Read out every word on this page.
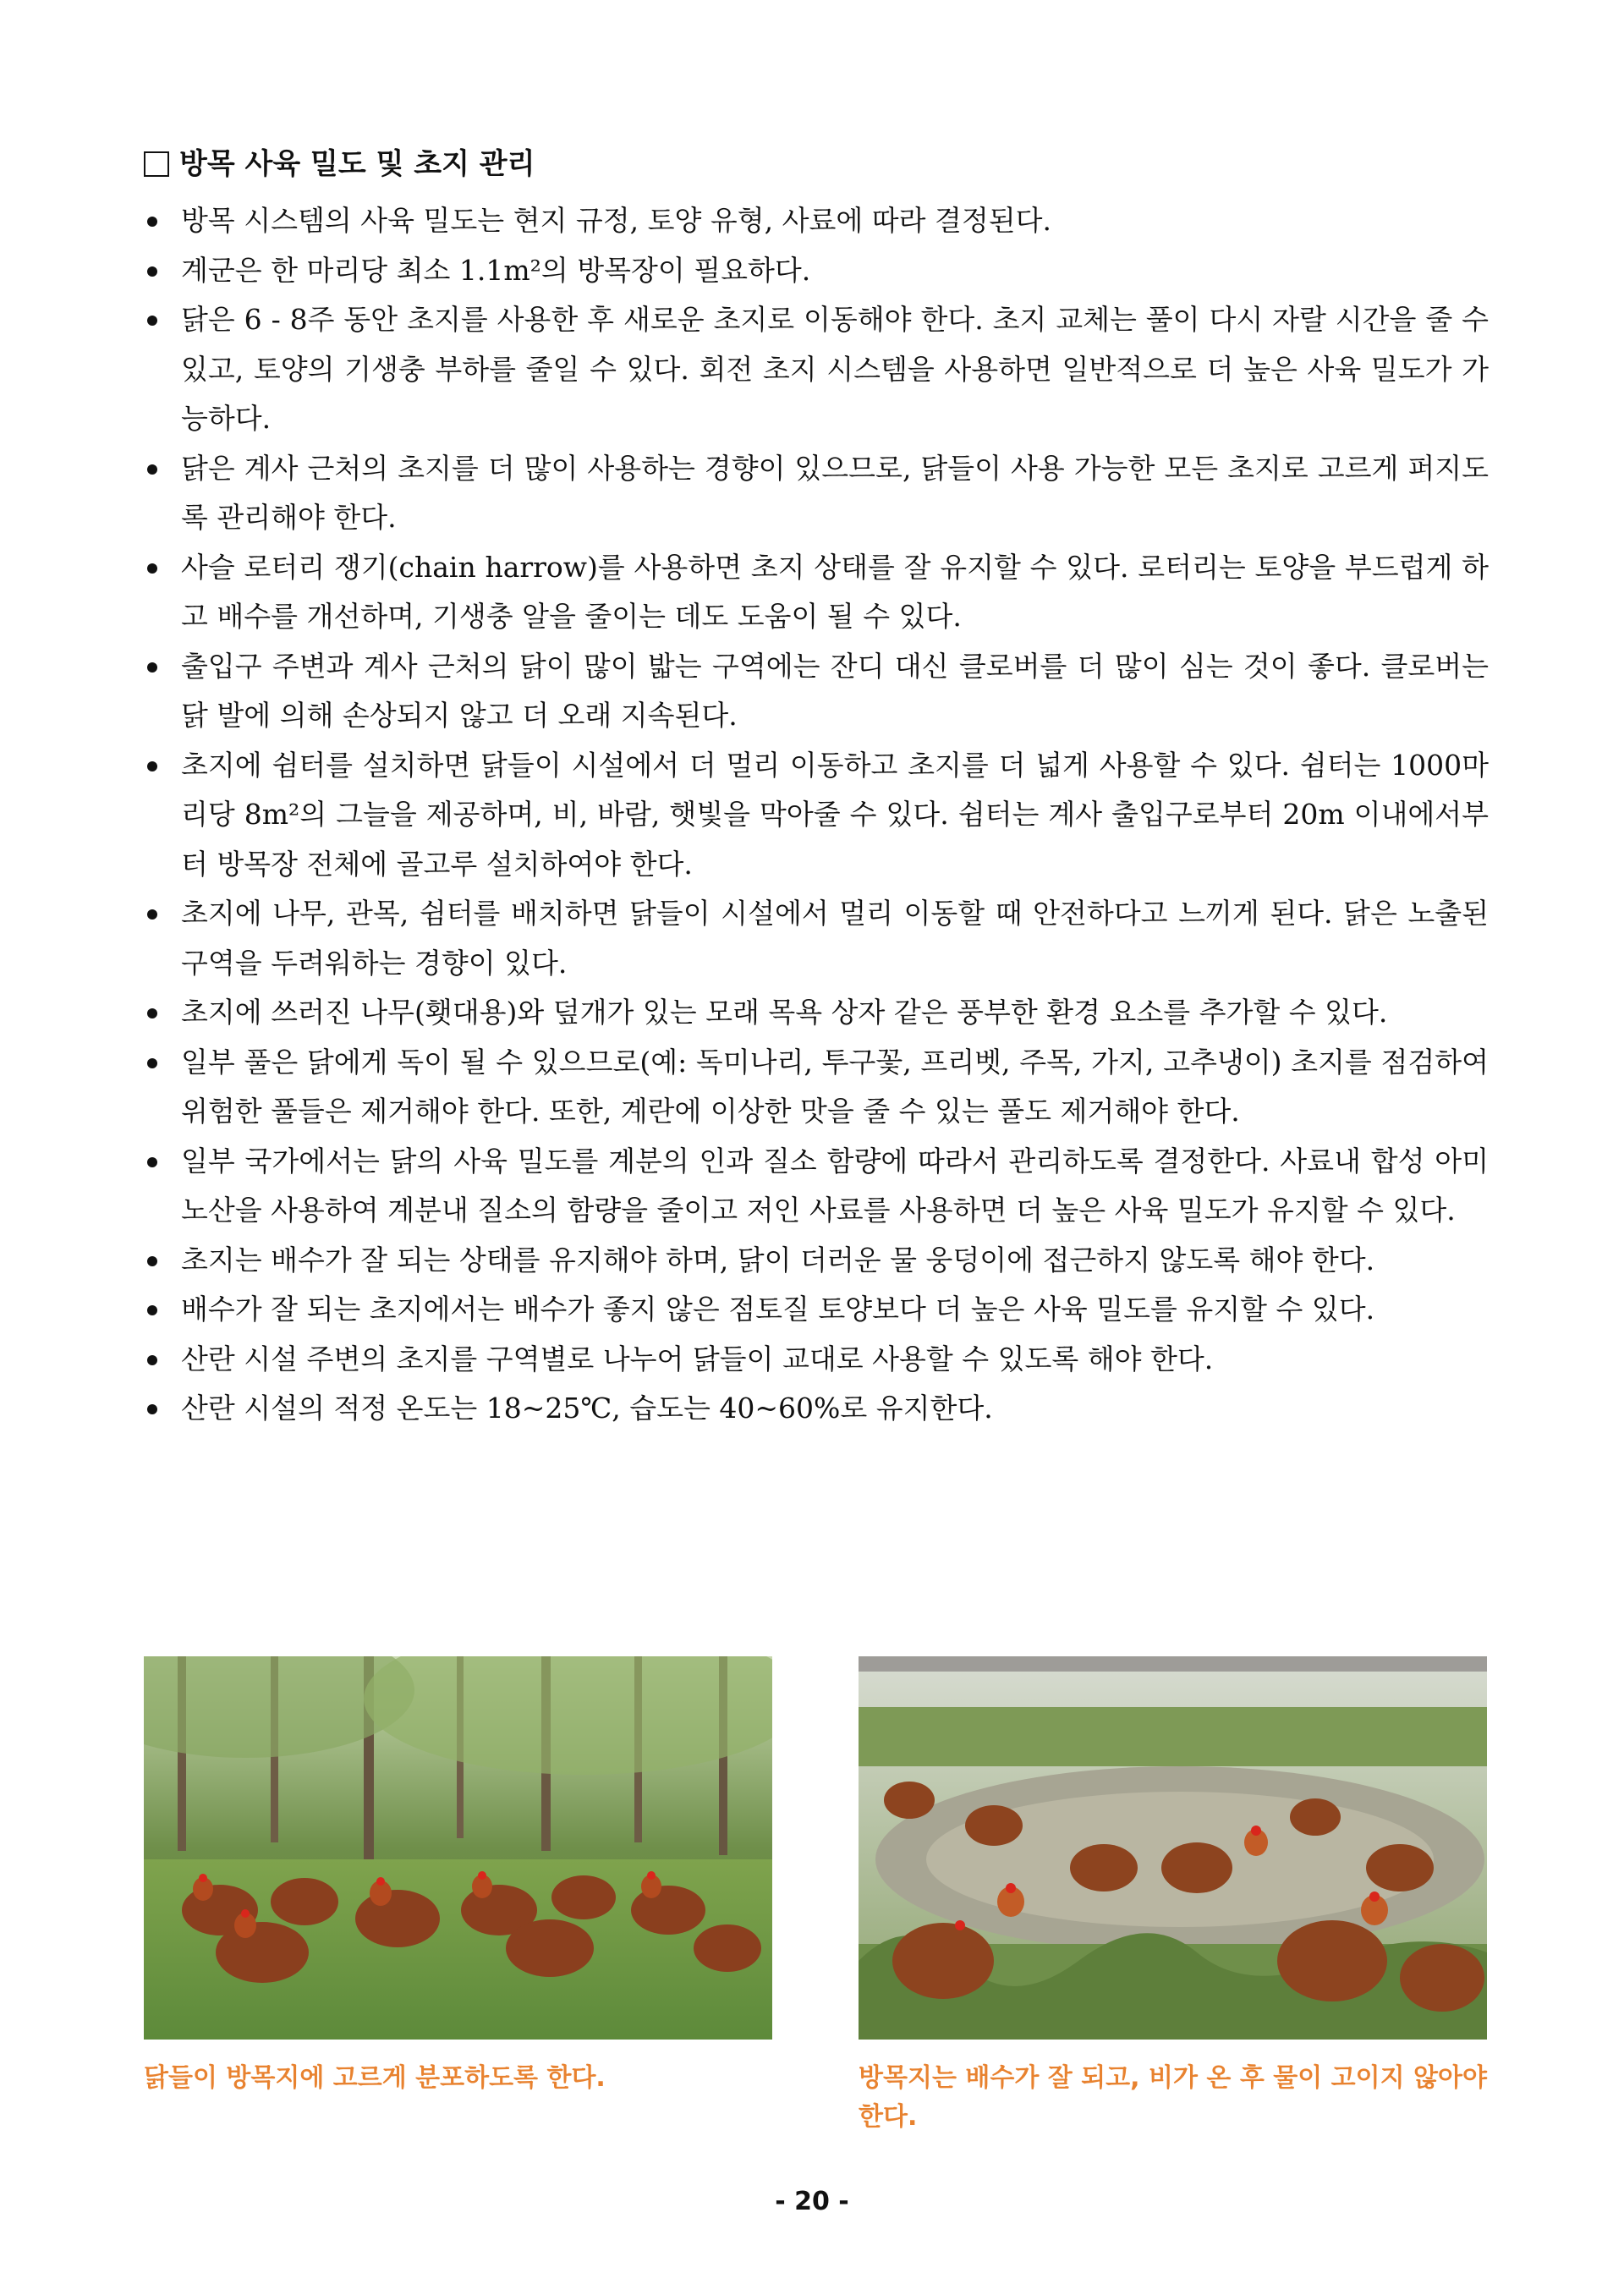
방목 사육 밀도 및 초지 관리
방목 시스템의 사육 밀도는 현지 규정, 토양 유형, 사료에 따라 결정된다.
계군은 한 마리당 최소 1.1m²의 방목장이 필요하다.
닭은 6 - 8주 동안 초지를 사용한 후 새로운 초지로 이동해야 한다. 초지 교체는 풀이 다시 자랄 시간을 줄 수 있고, 토양의 기생충 부하를 줄일 수 있다. 회전 초지 시스템을 사용하면 일반적으로 더 높은 사육 밀도가 가능하다.
닭은 계사 근처의 초지를 더 많이 사용하는 경향이 있으므로, 닭들이 사용 가능한 모든 초지로 고르게 퍼지도록 관리해야 한다.
사슬 로터리 쟁기(chain harrow)를 사용하면 초지 상태를 잘 유지할 수 있다. 로터리는 토양을 부드럽게 하고 배수를 개선하며, 기생충 알을 줄이는 데도 도움이 될 수 있다.
출입구 주변과 계사 근처의 닭이 많이 밟는 구역에는 잔디 대신 클로버를 더 많이 심는 것이 좋다. 클로버는 닭 발에 의해 손상되지 않고 더 오래 지속된다.
초지에 쉼터를 설치하면 닭들이 시설에서 더 멀리 이동하고 초지를 더 넓게 사용할 수 있다. 쉼터는 1000마리당 8m²의 그늘을 제공하며, 비, 바람, 햇빛을 막아줄 수 있다. 쉼터는 계사 출입구로부터 20m 이내에서부터 방목장 전체에 골고루 설치하여야 한다.
초지에 나무, 관목, 쉼터를 배치하면 닭들이 시설에서 멀리 이동할 때 안전하다고 느끼게 된다. 닭은 노출된 구역을 두려워하는 경향이 있다.
초지에 쓰러진 나무(횃대용)와 덮개가 있는 모래 목욕 상자 같은 풍부한 환경 요소를 추가할 수 있다.
일부 풀은 닭에게 독이 될 수 있으므로(예: 독미나리, 투구꽃, 프리벳, 주목, 가지, 고추냉이) 초지를 점검하여 위험한 풀들은 제거해야 한다. 또한, 계란에 이상한 맛을 줄 수 있는 풀도 제거해야 한다.
일부 국가에서는 닭의 사육 밀도를 계분의 인과 질소 함량에 따라서 관리하도록 결정한다. 사료내 합성 아미노산을 사용하여 계분내 질소의 함량을 줄이고 저인 사료를 사용하면 더 높은 사육 밀도가 유지할 수 있다.
초지는 배수가 잘 되는 상태를 유지해야 하며, 닭이 더러운 물 웅덩이에 접근하지 않도록 해야 한다.
배수가 잘 되는 초지에서는 배수가 좋지 않은 점토질 토양보다 더 높은 사육 밀도를 유지할 수 있다.
산란 시설 주변의 초지를 구역별로 나누어 닭들이 교대로 사용할 수 있도록 해야 한다.
산란 시설의 적정 온도는 18~25℃, 습도는 40~60%로 유지한다.
닭들이 방목지에 고르게 분포하도록 한다.	방목지는 배수가 잘 되고, 비가 온 후 물이 고이지 않아야 한다.
- 20 -
